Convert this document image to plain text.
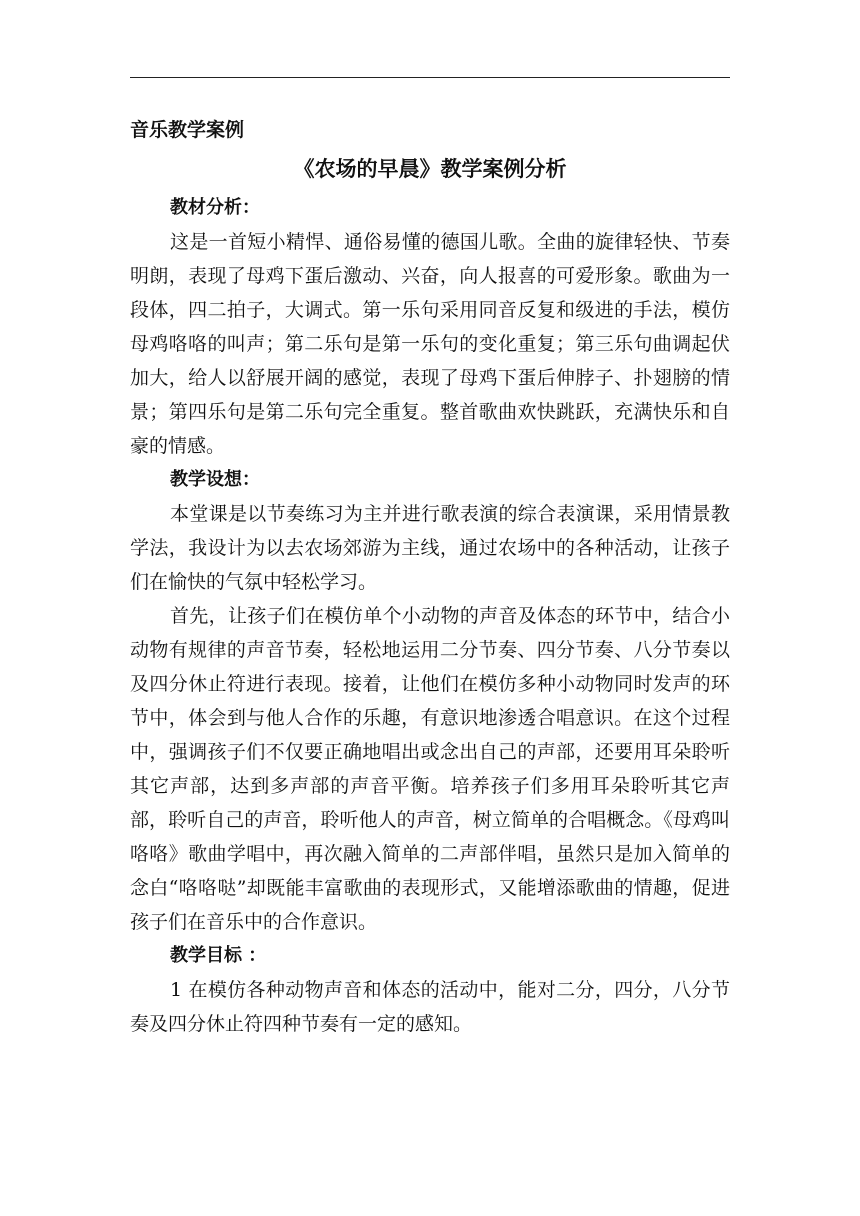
音乐教学案例

《农场的早晨》教学案例分析
教材分析：

这是一首短小精悍、通俗易懂的德国儿歌。全曲的旋律轻快、节奏明朗，表现了母鸡下蛋后激动、兴奋，向人报喜的可爱形象。歌曲为一段体，四二拍子，大调式。第一乐句采用同音反复和级进的手法，模仿母鸡咯咯的叫声；第二乐句是第一乐句的变化重复；第三乐句曲调起伏加大，给人以舒展开阔的感觉，表现了母鸡下蛋后伸脖子、扑翅膀的情景；第四乐句是第二乐句完全重复。整首歌曲欢快跳跃，充满快乐和自豪的情感。

教学设想：

本堂课是以节奏练习为主并进行歌表演的综合表演课，采用情景教学法，我设计为以去农场郊游为主线，通过农场中的各种活动，让孩子们在愉快的气氛中轻松学习。

首先，让孩子们在模仿单个小动物的声音及体态的环节中，结合小动物有规律的声音节奏，轻松地运用二分节奏、四分节奏、八分节奏以及四分休止符进行表现。接着，让他们在模仿多种小动物同时发声的环节中，体会到与他人合作的乐趣，有意识地渗透合唱意识。在这个过程中，强调孩子们不仅要正确地唱出或念出自己的声部，还要用耳朵聆听其它声部，达到多声部的声音平衡。培养孩子们多用耳朵聆听其它声部，聆听自己的声音，聆听他人的声音，树立简单的合唱概念。《母鸡叫咯咯》歌曲学唱中，再次融入简单的二声部伴唱，虽然只是加入简单的念白“咯咯哒”却既能丰富歌曲的表现形式，又能增添歌曲的情趣，促进孩子们在音乐中的合作意识。

教学目标 ：

1 在模仿各种动物声音和体态的活动中，能对二分，四分，八分节奏及四分休止符四种节奏有一定的感知。
